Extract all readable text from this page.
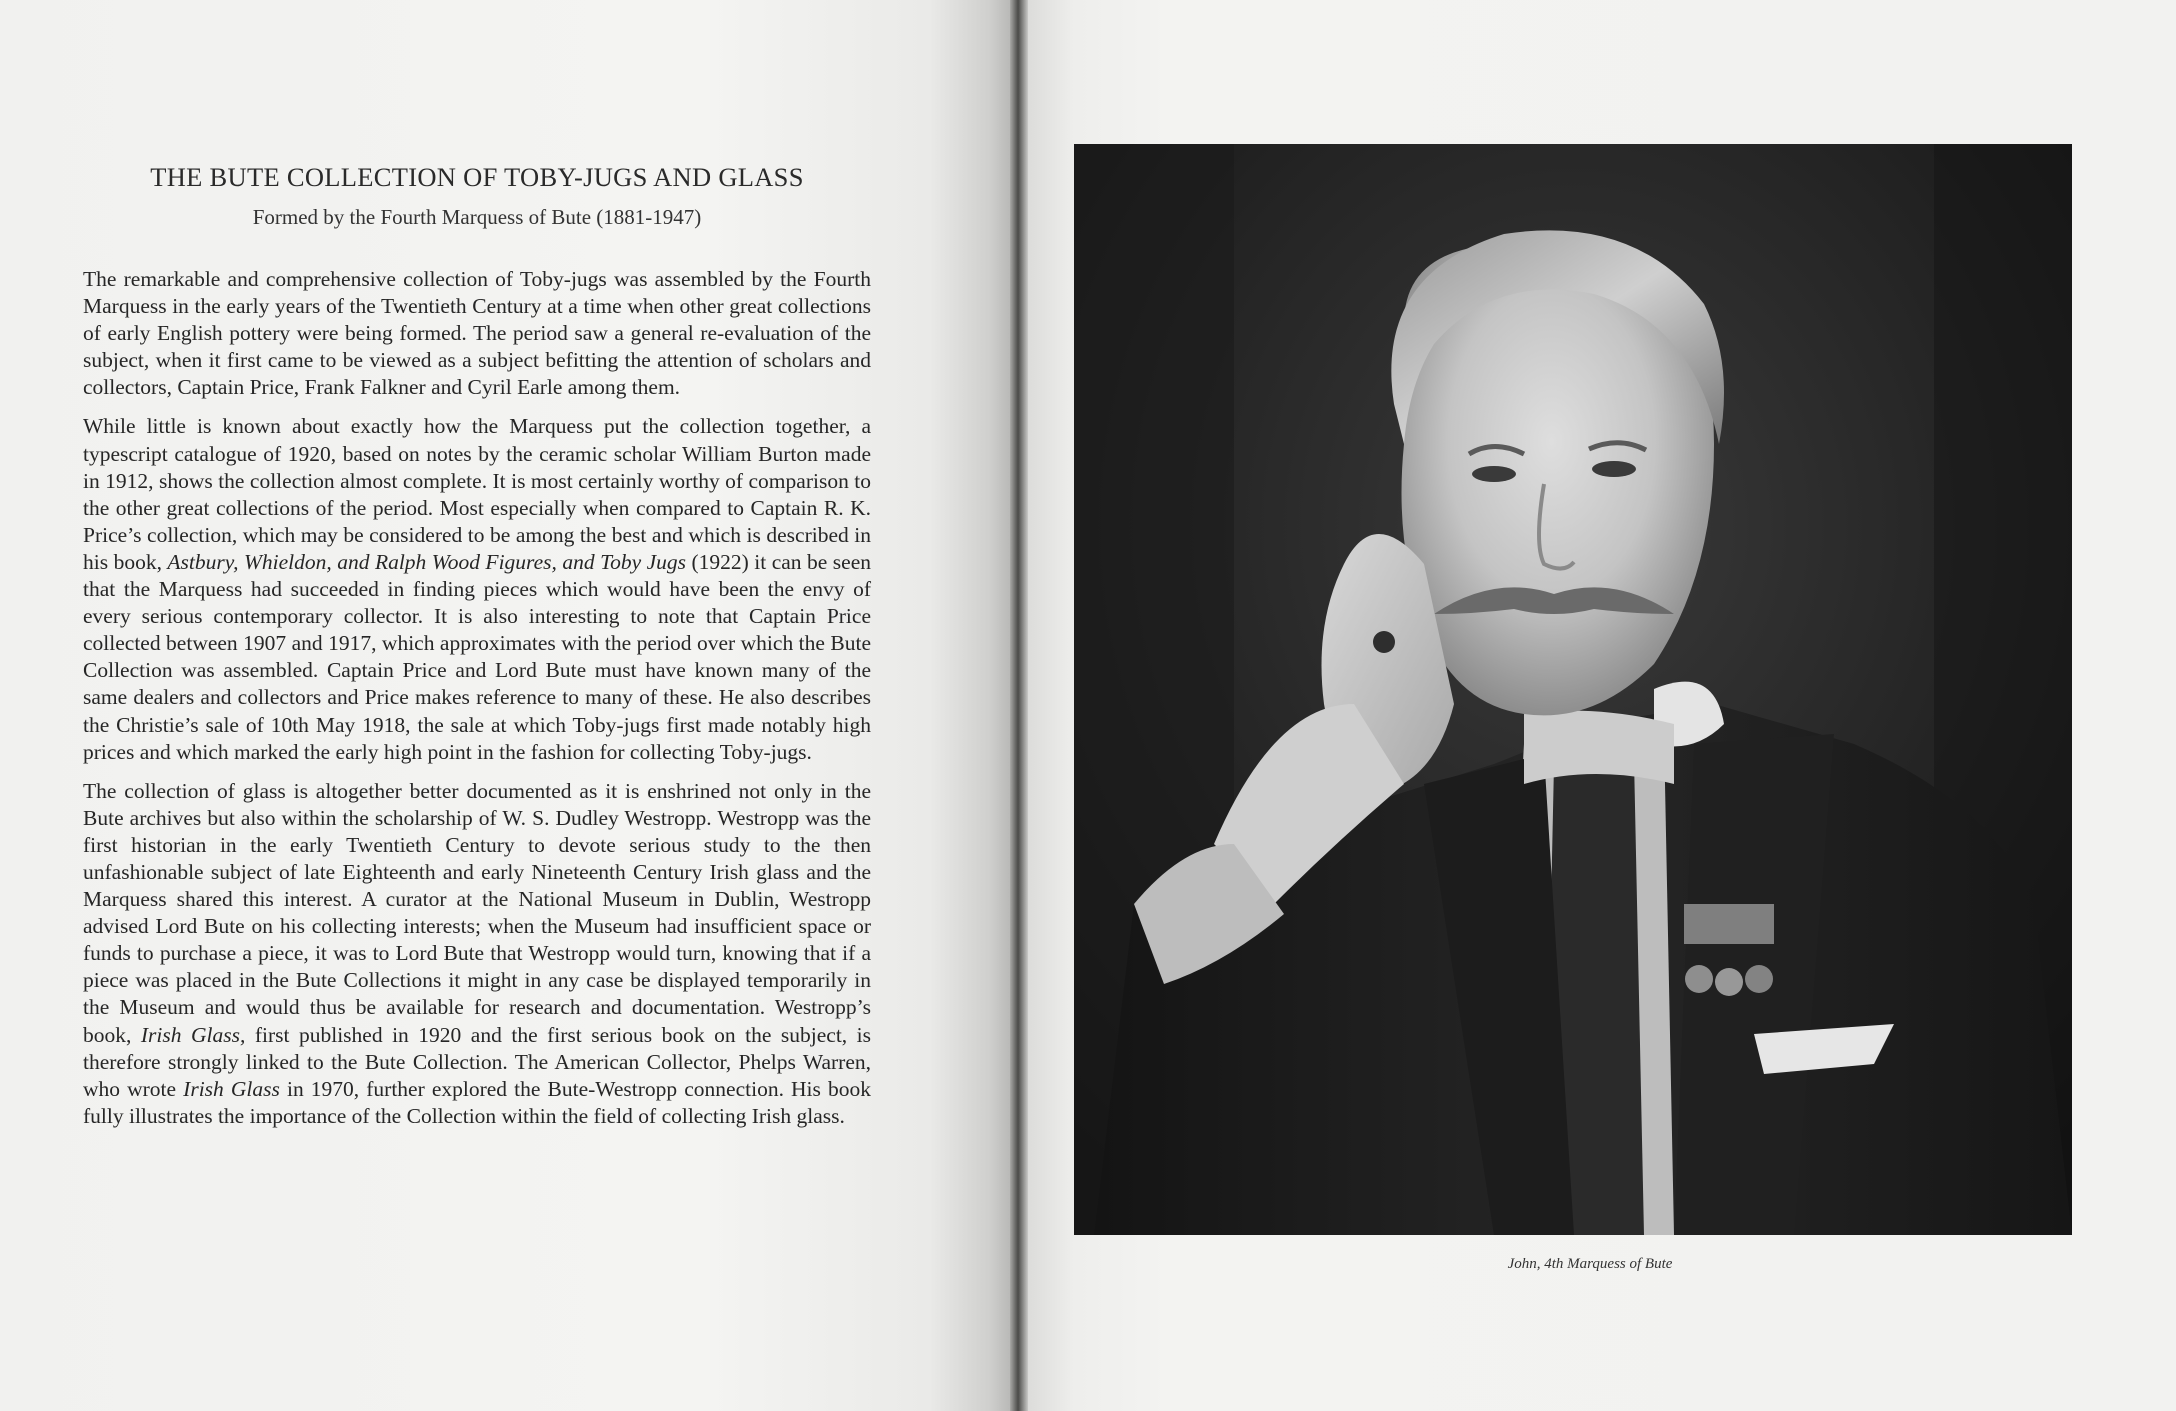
THE BUTE COLLECTION OF TOBY-JUGS AND GLASS
Formed by the Fourth Marquess of Bute (1881-1947)

The remarkable and comprehensive collection of Toby-jugs was assembled by the Fourth Marquess in the early years of the Twentieth Century at a time when other great collections of early English pottery were being formed. The period saw a general re-evaluation of the subject, when it first came to be viewed as a subject befitting the attention of scholars and collectors, Captain Price, Frank Falkner and Cyril Earle among them.

While little is known about exactly how the Marquess put the collection together, a typescript catalogue of 1920, based on notes by the ceramic scholar William Burton made in 1912, shows the collection almost complete. It is most certainly worthy of comparison to the other great collections of the period. Most especially when compared to Captain R. K. Price’s collection, which may be considered to be among the best and which is described in his book, Astbury, Whieldon, and Ralph Wood Figures, and Toby Jugs (1922) it can be seen that the Marquess had succeeded in finding pieces which would have been the envy of every serious contemporary collector. It is also interesting to note that Captain Price collected between 1907 and 1917, which approximates with the period over which the Bute Collection was assembled. Captain Price and Lord Bute must have known many of the same dealers and collectors and Price makes reference to many of these. He also describes the Christie’s sale of 10th May 1918, the sale at which Toby-jugs first made notably high prices and which marked the early high point in the fashion for collecting Toby-jugs.

The collection of glass is altogether better documented as it is enshrined not only in the Bute archives but also within the scholarship of W. S. Dudley Westropp. Westropp was the first historian in the early Twentieth Century to devote serious study to the then unfashionable subject of late Eighteenth and early Nineteenth Century Irish glass and the Marquess shared this interest. A curator at the National Museum in Dublin, Westropp advised Lord Bute on his collecting interests; when the Museum had insufficient space or funds to purchase a piece, it was to Lord Bute that Westropp would turn, knowing that if a piece was placed in the Bute Collections it might in any case be displayed temporarily in the Museum and would thus be available for research and documentation. Westropp’s book, Irish Glass, first published in 1920 and the first serious book on the subject, is therefore strongly linked to the Bute Collection. The American Collector, Phelps Warren, who wrote Irish Glass in 1970, further explored the Bute-Westropp connection. His book fully illustrates the importance of the Collection within the field of collecting Irish glass.

John, 4th Marquess of Bute
